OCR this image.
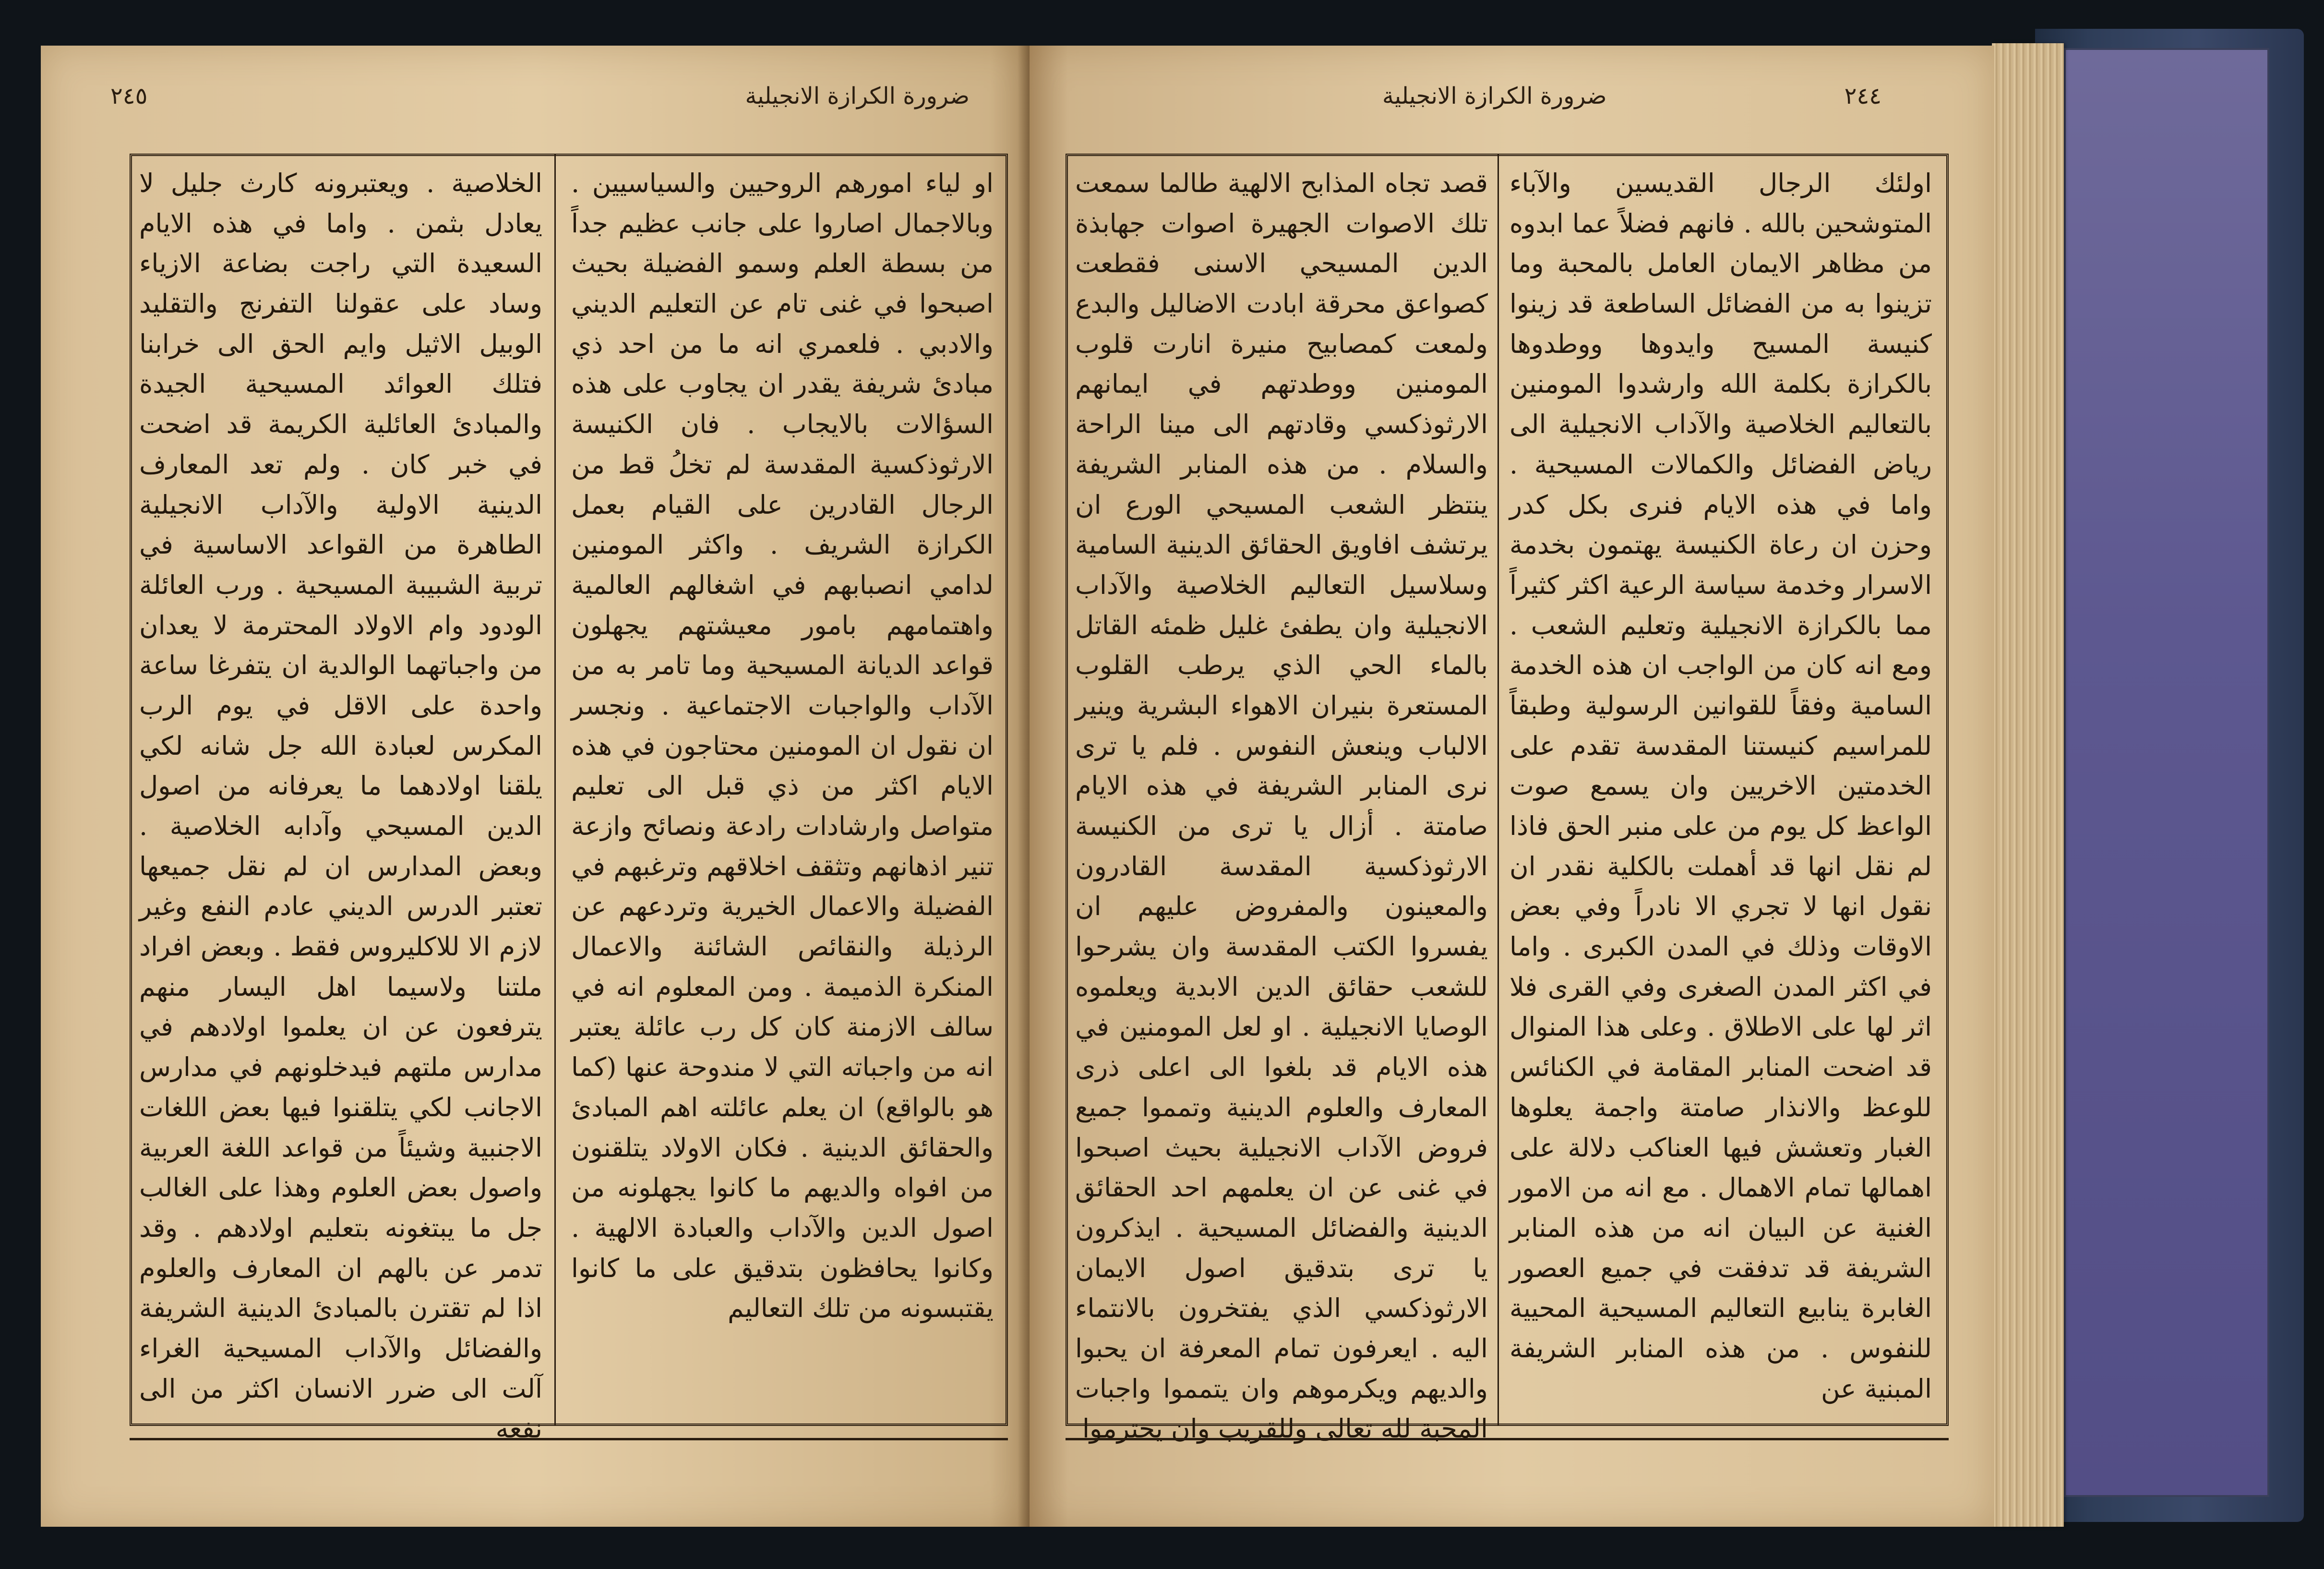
٢٤٥	ضرورة الكرازة الانجيلية
او لياء امورهم الروحيين والسياسيين . وبالاجمال اصاروا على جانب عظيم جداً من بسطة العلم وسمو الفضيلة بحيث اصبحوا في غنى تام عن التعليم الديني والادبي . فلعمري انه ما من احد ذي مبادئ شريفة يقدر ان يجاوب على هذه السؤالات بالايجاب . فان الكنيسة الارثوذكسية المقدسة لم تخلُ قط من الرجال القادرين على القيام بعمل الكرازة الشريف . واكثر المومنين لدامي انصبابهم في اشغالهم العالمية واهتمامهم بامور معيشتهم يجهلون قواعد الديانة المسيحية وما تامر به من الآداب والواجبات الاجتماعية . ونجسر ان نقول ان المومنين محتاجون في هذه الايام اكثر من ذي قبل الى تعليم متواصل وارشادات رادعة ونصائح وازعة تنير اذهانهم وتثقف اخلاقهم وترغبهم في الفضيلة والاعمال الخيرية وتردعهم عن الرذيلة والنقائص الشائنة والاعمال المنكرة الذميمة . ومن المعلوم انه في سالف الازمنة كان كل رب عائلة يعتبر انه من واجباته التي لا مندوحة عنها (كما هو بالواقع) ان يعلم عائلته اهم المبادئ والحقائق الدينية . فكان الاولاد يتلقنون من افواه والديهم ما كانوا يجهلونه من اصول الدين والآداب والعبادة الالهية . وكانوا يحافظون بتدقيق على ما كانوا يقتبسونه من تلك التعاليم
الخلاصية . ويعتبرونه كارث جليل لا يعادل بثمن . واما في هذه الايام السعيدة التي راجت بضاعة الازياء وساد على عقولنا التفرنج والتقليد الوبيل الاثيل وايم الحق الى خرابنا فتلك العوائد المسيحية الجيدة والمبادئ العائلية الكريمة قد اضحت في خبر كان . ولم تعد المعارف الدينية الاولية والآداب الانجيلية الطاهرة من القواعد الاساسية في تربية الشبيبة المسيحية . ورب العائلة الودود وام الاولاد المحترمة لا يعدان من واجباتهما الوالدية ان يتفرغا ساعة واحدة على الاقل في يوم الرب المكرس لعبادة الله جل شانه لكي يلقنا اولادهما ما يعرفانه من اصول الدين المسيحي وآدابه الخلاصية . وبعض المدارس ان لم نقل جميعها تعتبر الدرس الديني عادم النفع وغير لازم الا للاكليروس فقط . وبعض افراد ملتنا ولاسيما اهل اليسار منهم يترفعون عن ان يعلموا اولادهم في مدارس ملتهم فيدخلونهم في مدارس الاجانب لكي يتلقنوا فيها بعض اللغات الاجنبية وشيئاً من قواعد اللغة العربية واصول بعض العلوم وهذا على الغالب جل ما يبتغونه بتعليم اولادهم . وقد تدمر عن بالهم ان المعارف والعلوم اذا لم تقترن بالمبادئ الدينية الشريفة والفضائل والآداب المسيحية الغراء آلت الى ضرر الانسان اكثر من الى نفعه
ضرورة الكرازة الانجيلية	٢٤٤
اولئك الرجال القديسين والآباء المتوشحين بالله . فانهم فضلاً عما ابدوه من مظاهر الايمان العامل بالمحبة وما تزينوا به من الفضائل الساطعة قد زينوا كنيسة المسيح وايدوها ووطدوها بالكرازة بكلمة الله وارشدوا المومنين بالتعاليم الخلاصية والآداب الانجيلية الى رياض الفضائل والكمالات المسيحية . واما في هذه الايام فنرى بكل كدر وحزن ان رعاة الكنيسة يهتمون بخدمة الاسرار وخدمة سياسة الرعية اكثر كثيراً مما بالكرازة الانجيلية وتعليم الشعب . ومع انه كان من الواجب ان هذه الخدمة السامية وفقاً للقوانين الرسولية وطبقاً للمراسيم كنيستنا المقدسة تقدم على الخدمتين الاخريين وان يسمع صوت الواعظ كل يوم من على منبر الحق فاذا لم نقل انها قد أهملت بالكلية نقدر ان نقول انها لا تجري الا نادراً وفي بعض الاوقات وذلك في المدن الكبرى . واما في اكثر المدن الصغرى وفي القرى فلا اثر لها على الاطلاق . وعلى هذا المنوال قد اضحت المنابر المقامة في الكنائس للوعظ والانذار صامتة واجمة يعلوها الغبار وتعشش فيها العناكب دلالة على اهمالها تمام الاهمال . مع انه من الامور الغنية عن البيان انه من هذه المنابر الشريفة قد تدفقت في جميع العصور الغابرة ينابيع التعاليم المسيحية المحيية للنفوس . من هذه المنابر الشريفة المبنية عن
قصد تجاه المذابح الالهية طالما سمعت تلك الاصوات الجهيرة اصوات جهابذة الدين المسيحي الاسنى فقطعت كصواعق محرقة ابادت الاضاليل والبدع ولمعت كمصابيح منيرة انارت قلوب المومنين ووطدتهم في ايمانهم الارثوذكسي وقادتهم الى مينا الراحة والسلام . من هذه المنابر الشريفة ينتظر الشعب المسيحي الورع ان يرتشف افاويق الحقائق الدينية السامية وسلاسيل التعاليم الخلاصية والآداب الانجيلية وان يطفئ غليل ظمئه القاتل بالماء الحي الذي يرطب القلوب المستعرة بنيران الاهواء البشرية وينير الالباب وينعش النفوس . فلم يا ترى نرى المنابر الشريفة في هذه الايام صامتة . أزال يا ترى من الكنيسة الارثوذكسية المقدسة القادرون والمعينون والمفروض عليهم ان يفسروا الكتب المقدسة وان يشرحوا للشعب حقائق الدين الابدية ويعلموه الوصايا الانجيلية . او لعل المومنين في هذه الايام قد بلغوا الى اعلى ذرى المعارف والعلوم الدينية وتمموا جميع فروض الآداب الانجيلية بحيث اصبحوا في غنى عن ان يعلمهم احد الحقائق الدينية والفضائل المسيحية . ايذكرون يا ترى بتدقيق اصول الايمان الارثوذكسي الذي يفتخرون بالانتماء اليه . ايعرفون تمام المعرفة ان يحبوا والديهم ويكرموهم وان يتمموا واجبات المحبة لله تعالى وللقريب وان يحترموا
